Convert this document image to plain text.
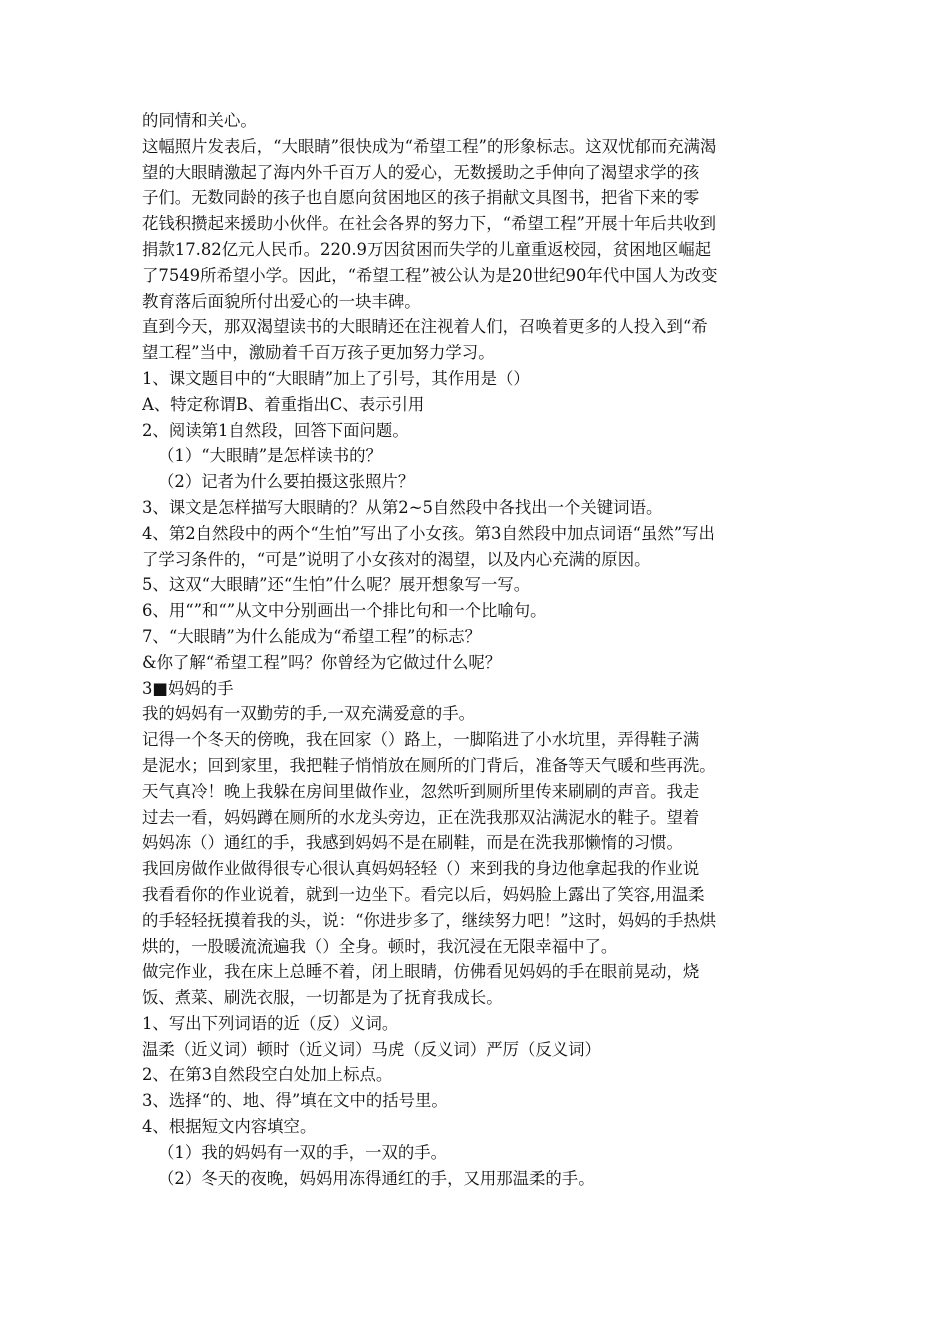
的同情和关心。
这幅照片发表后，“大眼睛”很快成为“希望工程”的形象标志。这双忧郁而充满渴
望的大眼睛激起了海内外千百万人的爱心，无数援助之手伸向了渴望求学的孩
子们。无数同龄的孩子也自愿向贫困地区的孩子捐献文具图书，把省下来的零
花钱积攒起来援助小伙伴。在社会各界的努力下，“希望工程”开展十年后共收到
捐款17.82亿元人民币。220.9万因贫困而失学的儿童重返校园，贫困地区崛起
了7549所希望小学。因此，“希望工程”被公认为是20世纪90年代中国人为改变
教育落后面貌所付出爱心的一块丰碑。
直到今天，那双渴望读书的大眼睛还在注视着人们，召唤着更多的人投入到“希
望工程”当中，激励着千百万孩子更加努力学习。
1、课文题目中的“大眼睛”加上了引号，其作用是（）
A、特定称谓B、着重指出C、表示引用
2、阅读第1自然段，回答下面问题。
（1）“大眼睛”是怎样读书的？
（2）记者为什么要拍摄这张照片？
3、课文是怎样描写大眼睛的？从第2~5自然段中各找出一个关键词语。
4、第2自然段中的两个“生怕”写出了小女孩。第3自然段中加点词语“虽然”写出
了学习条件的，“可是”说明了小女孩对的渴望，以及内心充满的原因。
5、这双“大眼睛”还“生怕”什么呢？展开想象写一写。
6、用“”和“”从文中分别画出一个排比句和一个比喻句。
7、“大眼睛”为什么能成为“希望工程”的标志？
&你了解“希望工程”吗？你曾经为它做过什么呢？
3■妈妈的手
我的妈妈有一双勤劳的手,一双充满爱意的手。
记得一个冬天的傍晚，我在回家（）路上，一脚陷进了小水坑里，弄得鞋子满
是泥水；回到家里，我把鞋子悄悄放在厕所的门背后，准备等天气暖和些再洗。
天气真冷！晚上我躲在房间里做作业，忽然听到厕所里传来刷刷的声音。我走
过去一看，妈妈蹲在厕所的水龙头旁边，正在洗我那双沾满泥水的鞋子。望着
妈妈冻（）通红的手，我感到妈妈不是在刷鞋，而是在洗我那懒惰的习惯。
我回房做作业做得很专心很认真妈妈轻轻（）来到我的身边他拿起我的作业说
我看看你的作业说着，就到一边坐下。看完以后，妈妈脸上露出了笑容,用温柔
的手轻轻抚摸着我的头，说：“你进步多了，继续努力吧！”这时，妈妈的手热烘
烘的，一股暖流流遍我（）全身。顿时，我沉浸在无限幸福中了。
做完作业，我在床上总睡不着，闭上眼睛，仿佛看见妈妈的手在眼前晃动，烧
饭、煮菜、刷洗衣服，一切都是为了抚育我成长。
1、写出下列词语的近（反）义词。
温柔（近义词）顿时（近义词）马虎（反义词）严厉（反义词）
2、在第3自然段空白处加上标点。
3、选择“的、地、得”填在文中的括号里。
4、根据短文内容填空。
（1）我的妈妈有一双的手，一双的手。
（2）冬天的夜晚，妈妈用冻得通红的手，又用那温柔的手。
